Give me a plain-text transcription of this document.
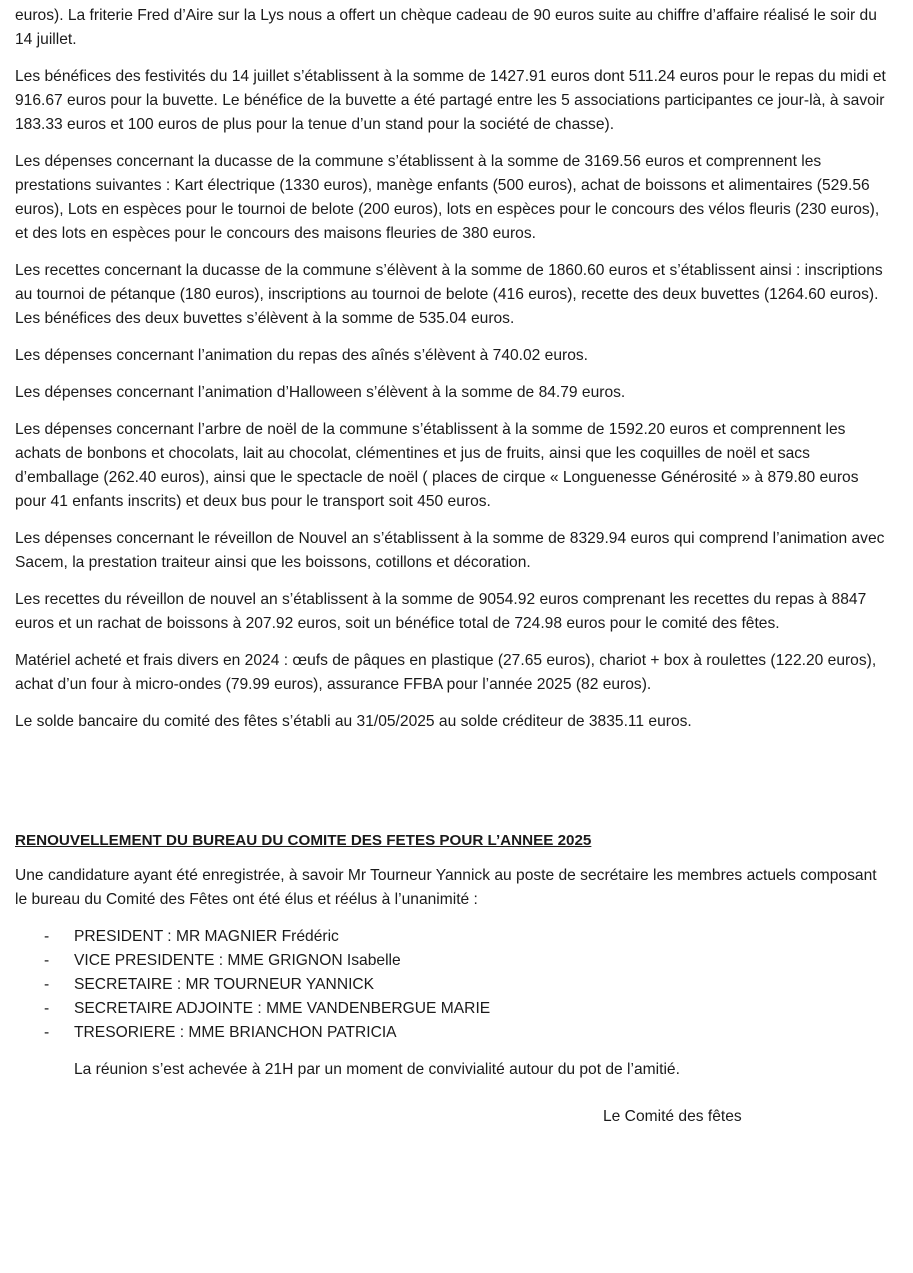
euros). La friterie Fred d’Aire sur la Lys nous a offert un chèque cadeau de 90 euros suite au chiffre d’affaire réalisé le soir du 14 juillet.

Les bénéfices des festivités du 14 juillet s’établissent à la somme de 1427.91 euros dont 511.24 euros pour le repas du midi et 916.67 euros pour la buvette. Le bénéfice de la buvette a été partagé entre les 5 associations participantes ce jour-là, à savoir 183.33 euros et 100 euros de plus pour la tenue d’un stand pour la société de chasse).

Les dépenses concernant la ducasse de la commune s’établissent à la somme de 3169.56 euros et comprennent les prestations suivantes : Kart électrique (1330 euros), manège enfants (500 euros), achat de boissons et alimentaires (529.56 euros), Lots en espèces pour le tournoi de belote (200 euros), lots en espèces pour le concours des vélos fleuris (230 euros), et des lots en espèces pour le concours des maisons fleuries de 380 euros.

Les recettes concernant la ducasse de la commune s’élèvent à la somme de 1860.60 euros et s’établissent ainsi : inscriptions au tournoi de pétanque (180 euros), inscriptions au tournoi de belote (416 euros), recette des deux buvettes (1264.60 euros). Les bénéfices des deux buvettes s’élèvent à la somme de 535.04 euros.

Les dépenses concernant l’animation du repas des aînés s’élèvent à 740.02 euros.

Les dépenses concernant l’animation d’Halloween s’élèvent à la somme de 84.79 euros.

Les dépenses concernant l’arbre de noël de la commune s’établissent à la somme de 1592.20 euros et comprennent les achats de bonbons et chocolats, lait au chocolat, clémentines et jus de fruits, ainsi que les coquilles de noël et sacs d’emballage (262.40 euros), ainsi que le spectacle de noël ( places de cirque « Longuenesse Générosité » à 879.80 euros pour 41 enfants inscrits) et deux bus pour le transport soit 450 euros.

Les dépenses concernant le réveillon de Nouvel an s’établissent à la somme de 8329.94 euros qui comprend l’animation avec Sacem, la prestation traiteur ainsi que les boissons, cotillons et décoration.

Les recettes du réveillon de nouvel an s’établissent à la somme de 9054.92 euros comprenant les recettes du repas à 8847 euros et un rachat de boissons à 207.92 euros, soit un bénéfice total de 724.98 euros pour le comité des fêtes.

Matériel acheté et frais divers en 2024 : œufs de pâques en plastique (27.65 euros), chariot + box à roulettes (122.20 euros), achat d’un four à micro-ondes (79.99 euros), assurance FFBA pour l’année 2025 (82 euros).

Le solde bancaire du comité des fêtes s’établi au 31/05/2025 au solde créditeur de 3835.11 euros.

RENOUVELLEMENT DU BUREAU DU COMITE DES FETES POUR L’ANNEE 2025

Une candidature ayant été enregistrée, à savoir Mr Tourneur Yannick au poste de secrétaire les membres actuels composant le bureau du Comité des Fêtes ont été élus et réélus à l’unanimité :

- PRESIDENT : MR MAGNIER Frédéric
- VICE PRESIDENTE : MME GRIGNON Isabelle
- SECRETAIRE : MR TOURNEUR YANNICK
- SECRETAIRE ADJOINTE : MME VANDENBERGUE MARIE
- TRESORIERE : MME BRIANCHON PATRICIA

La réunion s’est achevée à 21H par un moment de convivialité autour du pot de l’amitié.

Le Comité des fêtes
